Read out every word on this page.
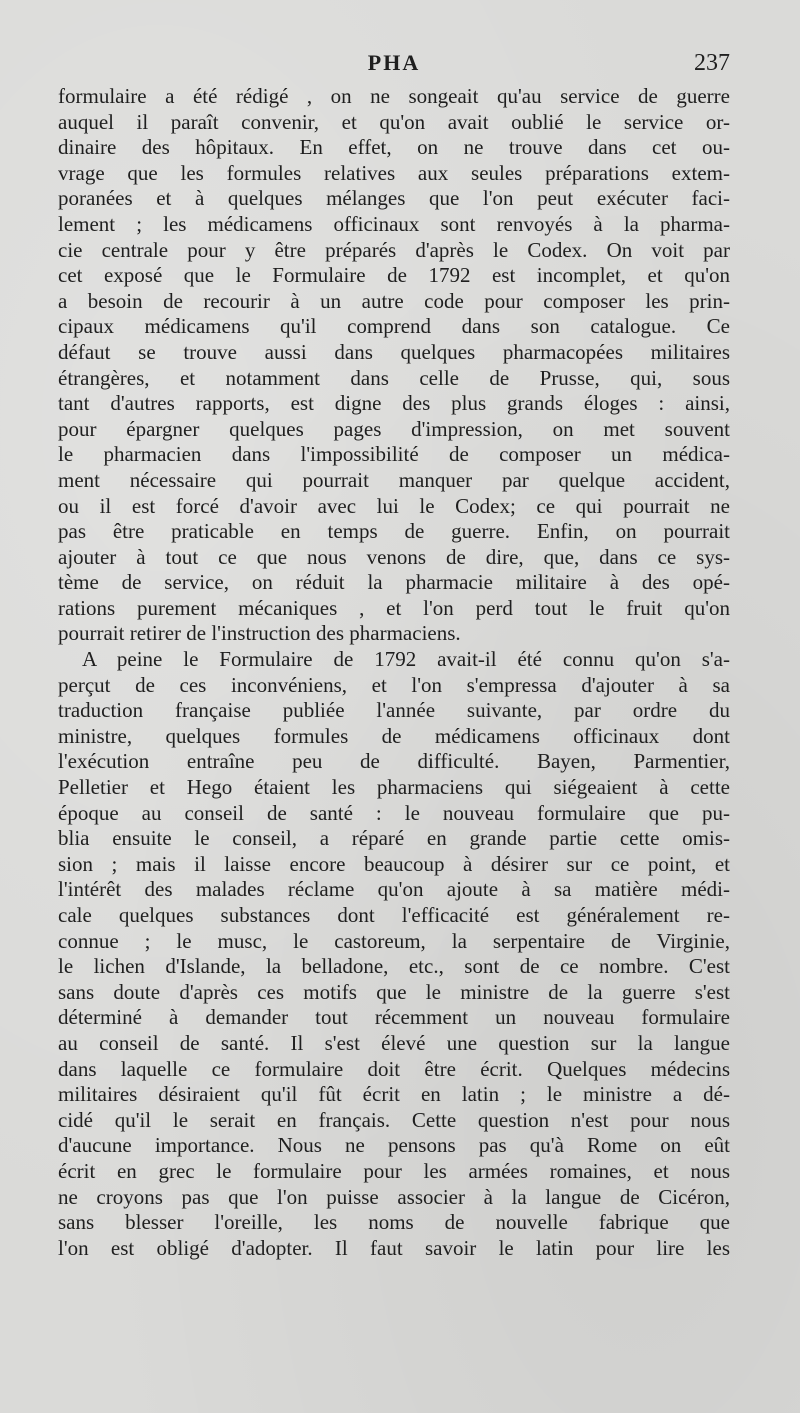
PHA	237
formulaire a été rédigé , on ne songeait qu'au service de guerre
auquel il paraît convenir, et qu'on avait oublié le service or-
dinaire des hôpitaux. En effet, on ne trouve dans cet ou-
vrage que les formules relatives aux seules préparations extem-
poranées et à quelques mélanges que l'on peut exécuter faci-
lement ; les médicamens officinaux sont renvoyés à la pharma-
cie centrale pour y être préparés d'après le Codex. On voit par
cet exposé que le Formulaire de 1792 est incomplet, et qu'on
a besoin de recourir à un autre code pour composer les prin-
cipaux médicamens qu'il comprend dans son catalogue. Ce
défaut se trouve aussi dans quelques pharmacopées militaires
étrangères, et notamment dans celle de Prusse, qui, sous
tant d'autres rapports, est digne des plus grands éloges : ainsi,
pour épargner quelques pages d'impression, on met souvent
le pharmacien dans l'impossibilité de composer un médica-
ment nécessaire qui pourrait manquer par quelque accident,
ou il est forcé d'avoir avec lui le Codex; ce qui pourrait ne
pas être praticable en temps de guerre. Enfin, on pourrait
ajouter à tout ce que nous venons de dire, que, dans ce sys-
tème de service, on réduit la pharmacie militaire à des opé-
rations purement mécaniques , et l'on perd tout le fruit qu'on
pourrait retirer de l'instruction des pharmaciens.
A peine le Formulaire de 1792 avait-il été connu qu'on s'a-
perçut de ces inconvéniens, et l'on s'empressa d'ajouter à sa
traduction française publiée l'année suivante, par ordre du
ministre, quelques formules de médicamens officinaux dont
l'exécution entraîne peu de difficulté. Bayen, Parmentier,
Pelletier et Hego étaient les pharmaciens qui siégeaient à cette
époque au conseil de santé : le nouveau formulaire que pu-
blia ensuite le conseil, a réparé en grande partie cette omis-
sion ; mais il laisse encore beaucoup à désirer sur ce point, et
l'intérêt des malades réclame qu'on ajoute à sa matière médi-
cale quelques substances dont l'efficacité est généralement re-
connue ; le musc, le castoreum, la serpentaire de Virginie,
le lichen d'Islande, la belladone, etc., sont de ce nombre. C'est
sans doute d'après ces motifs que le ministre de la guerre s'est
déterminé à demander tout récemment un nouveau formulaire
au conseil de santé. Il s'est élevé une question sur la langue
dans laquelle ce formulaire doit être écrit. Quelques médecins
militaires désiraient qu'il fût écrit en latin ; le ministre a dé-
cidé qu'il le serait en français. Cette question n'est pour nous
d'aucune importance. Nous ne pensons pas qu'à Rome on eût
écrit en grec le formulaire pour les armées romaines, et nous
ne croyons pas que l'on puisse associer à la langue de Cicéron,
sans blesser l'oreille, les noms de nouvelle fabrique que
l'on est obligé d'adopter. Il faut savoir le latin pour lire les
